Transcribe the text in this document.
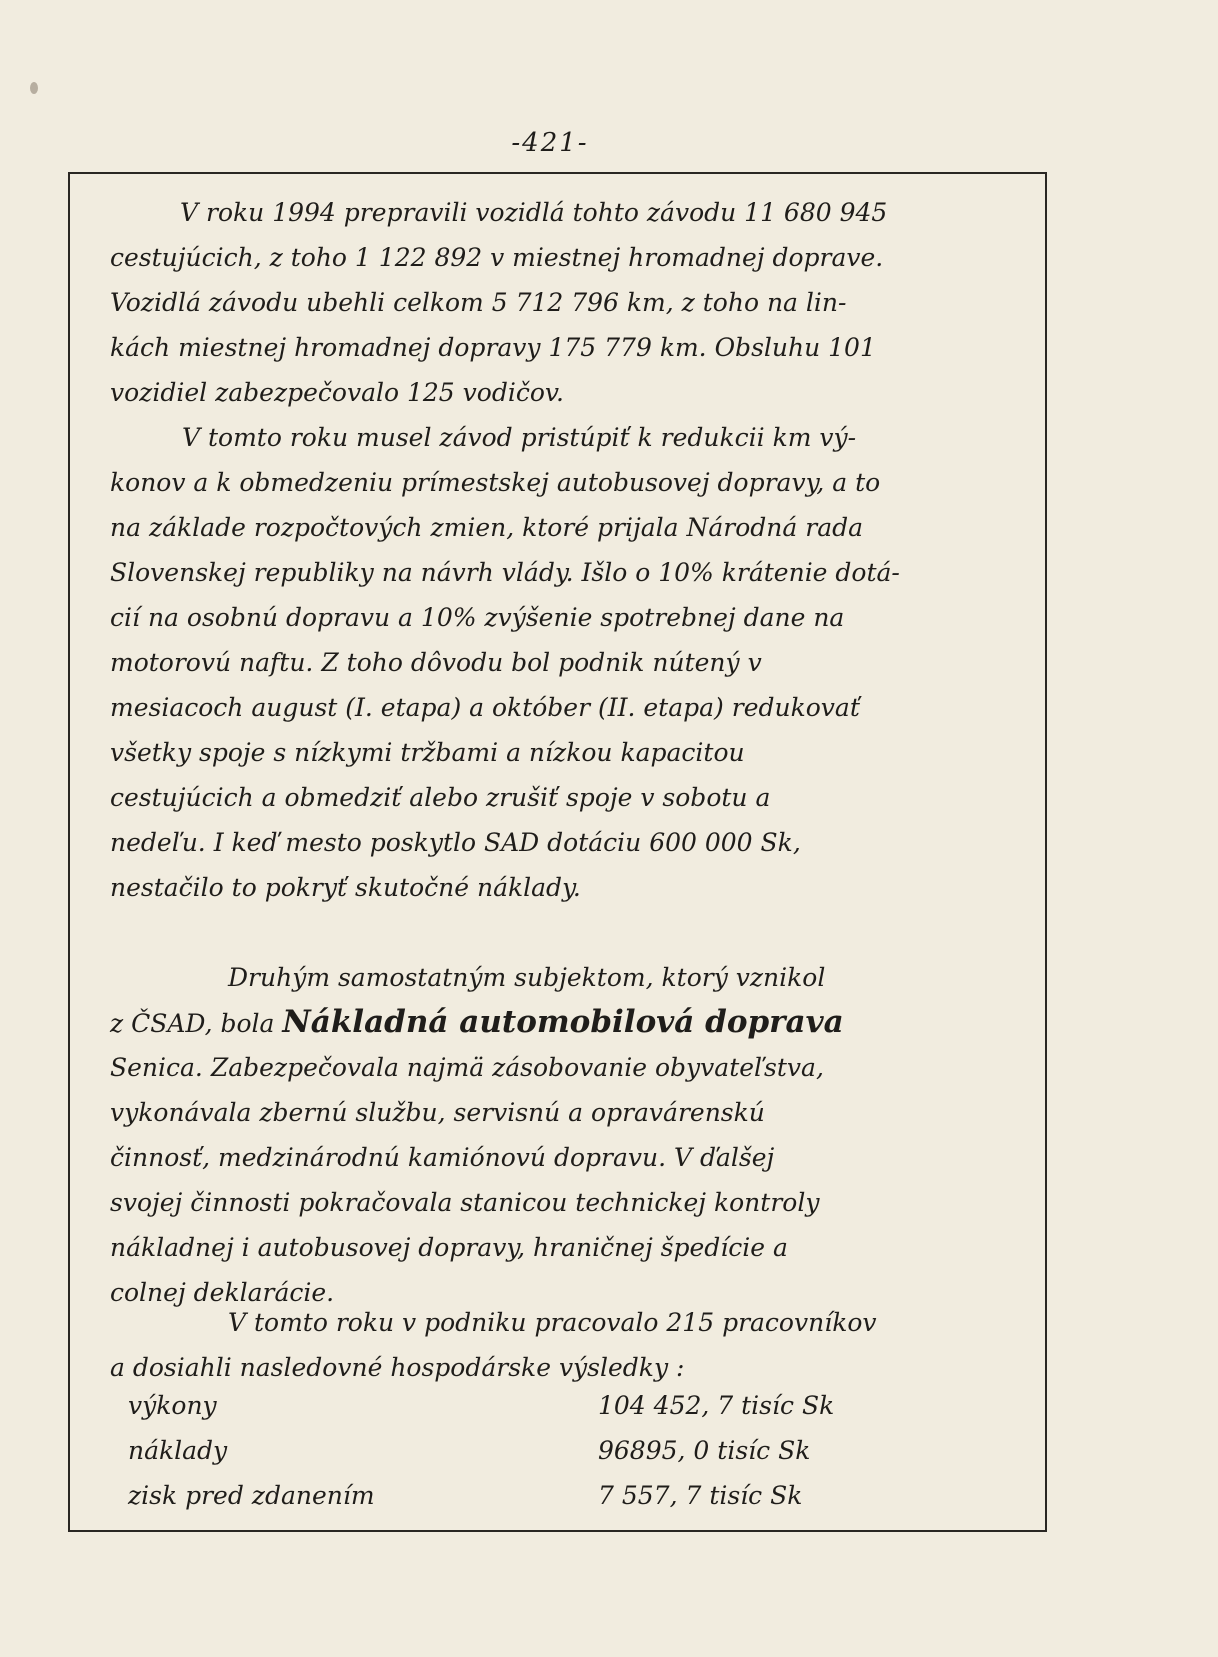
-421-
V roku 1994 prepravili vozidlá tohto závodu 11 680 945
cestujúcich, z toho 1 122 892 v miestnej hromadnej doprave.
Vozidlá závodu ubehli celkom 5 712 796 km, z toho na lin-
kách miestnej hromadnej dopravy 175 779 km. Obsluhu 101
vozidiel zabezpečovalo 125 vodičov.
V tomto roku musel závod pristúpiť k redukcii km vý-
konov a k obmedzeniu prímestskej autobusovej dopravy, a to
na základe rozpočtových zmien, ktoré prijala Národná rada
Slovenskej republiky na návrh vlády. Išlo o 10% krátenie dotá-
cií na osobnú dopravu a 10% zvýšenie spotrebnej dane na
motorovú naftu. Z toho dôvodu bol podnik nútený v
mesiacoch august (I. etapa) a október (II. etapa) redukovať
všetky spoje s nízkymi tržbami a nízkou kapacitou
cestujúcich a obmedziť alebo zrušiť spoje v sobotu a
nedeľu. I keď mesto poskytlo SAD dotáciu 600 000 Sk,
nestačilo to pokryť skutočné náklady.
Druhým samostatným subjektom, ktorý vznikol
z ČSAD, bola Nákladná automobilová doprava
Senica. Zabezpečovala najmä zásobovanie obyvateľstva,
vykonávala zbernú službu, servisnú a opravárenskú
činnosť, medzinárodnú kamiónovú dopravu. V ďalšej
svojej činnosti pokračovala stanicou technickej kontroly
nákladnej i autobusovej dopravy, hraničnej špedície a
colnej deklarácie.
V tomto roku v podniku pracovalo 215 pracovníkov
a dosiahli nasledovné hospodárske výsledky :
výkony	104 452, 7 tisíc Sk
náklady	96895, 0 tisíc Sk
zisk pred zdanením	7 557, 7 tisíc Sk
